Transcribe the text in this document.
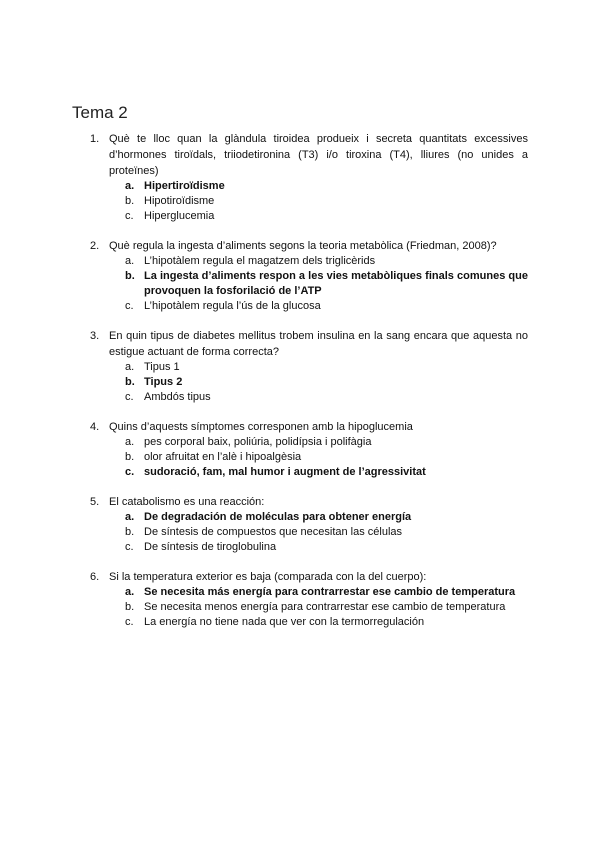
Tema 2
1. Què te lloc quan la glàndula tiroidea produeix i secreta quantitats excessives d’hormones tiroïdals, triiodetironina (T3) i/o tiroxina (T4), lliures (no unides a proteïnes)
a. Hipertiroïdisme
b. Hipotiroïdisme
c. Hiperglucemia
2. Què regula la ingesta d’aliments segons la teoria metabòlica (Friedman, 2008)?
a. L’hipotàlem regula el magatzem dels triglicèrids
b. La ingesta d’aliments respon a les vies metabòliques finals comunes que provoquen la fosforilació de l’ATP
c. L’hipotàlem regula l’ús de la glucosa
3. En quin tipus de diabetes mellitus trobem insulina en la sang encara que aquesta no estigue actuant de forma correcta?
a. Tipus 1
b. Tipus 2
c. Ambdós tipus
4. Quins d’aquests símptomes corresponen amb la hipoglucemia
a. pes corporal baix, poliúria, polidípsia i polifàgia
b. olor afruitat en l’alè i hipoalgèsia
c. sudoració, fam, mal humor i augment de l’agressivitat
5. El catabolismo es una reacción:
a. De degradación de moléculas para obtener energía
b. De síntesis de compuestos que necesitan las células
c. De síntesis de tiroglobulina
6. Si la temperatura exterior es baja (comparada con la del cuerpo):
a. Se necesita más energía para contrarrestar ese cambio de temperatura
b. Se necesita menos energía para contrarrestar ese cambio de temperatura
c. La energía no tiene nada que ver con la termorregulación
